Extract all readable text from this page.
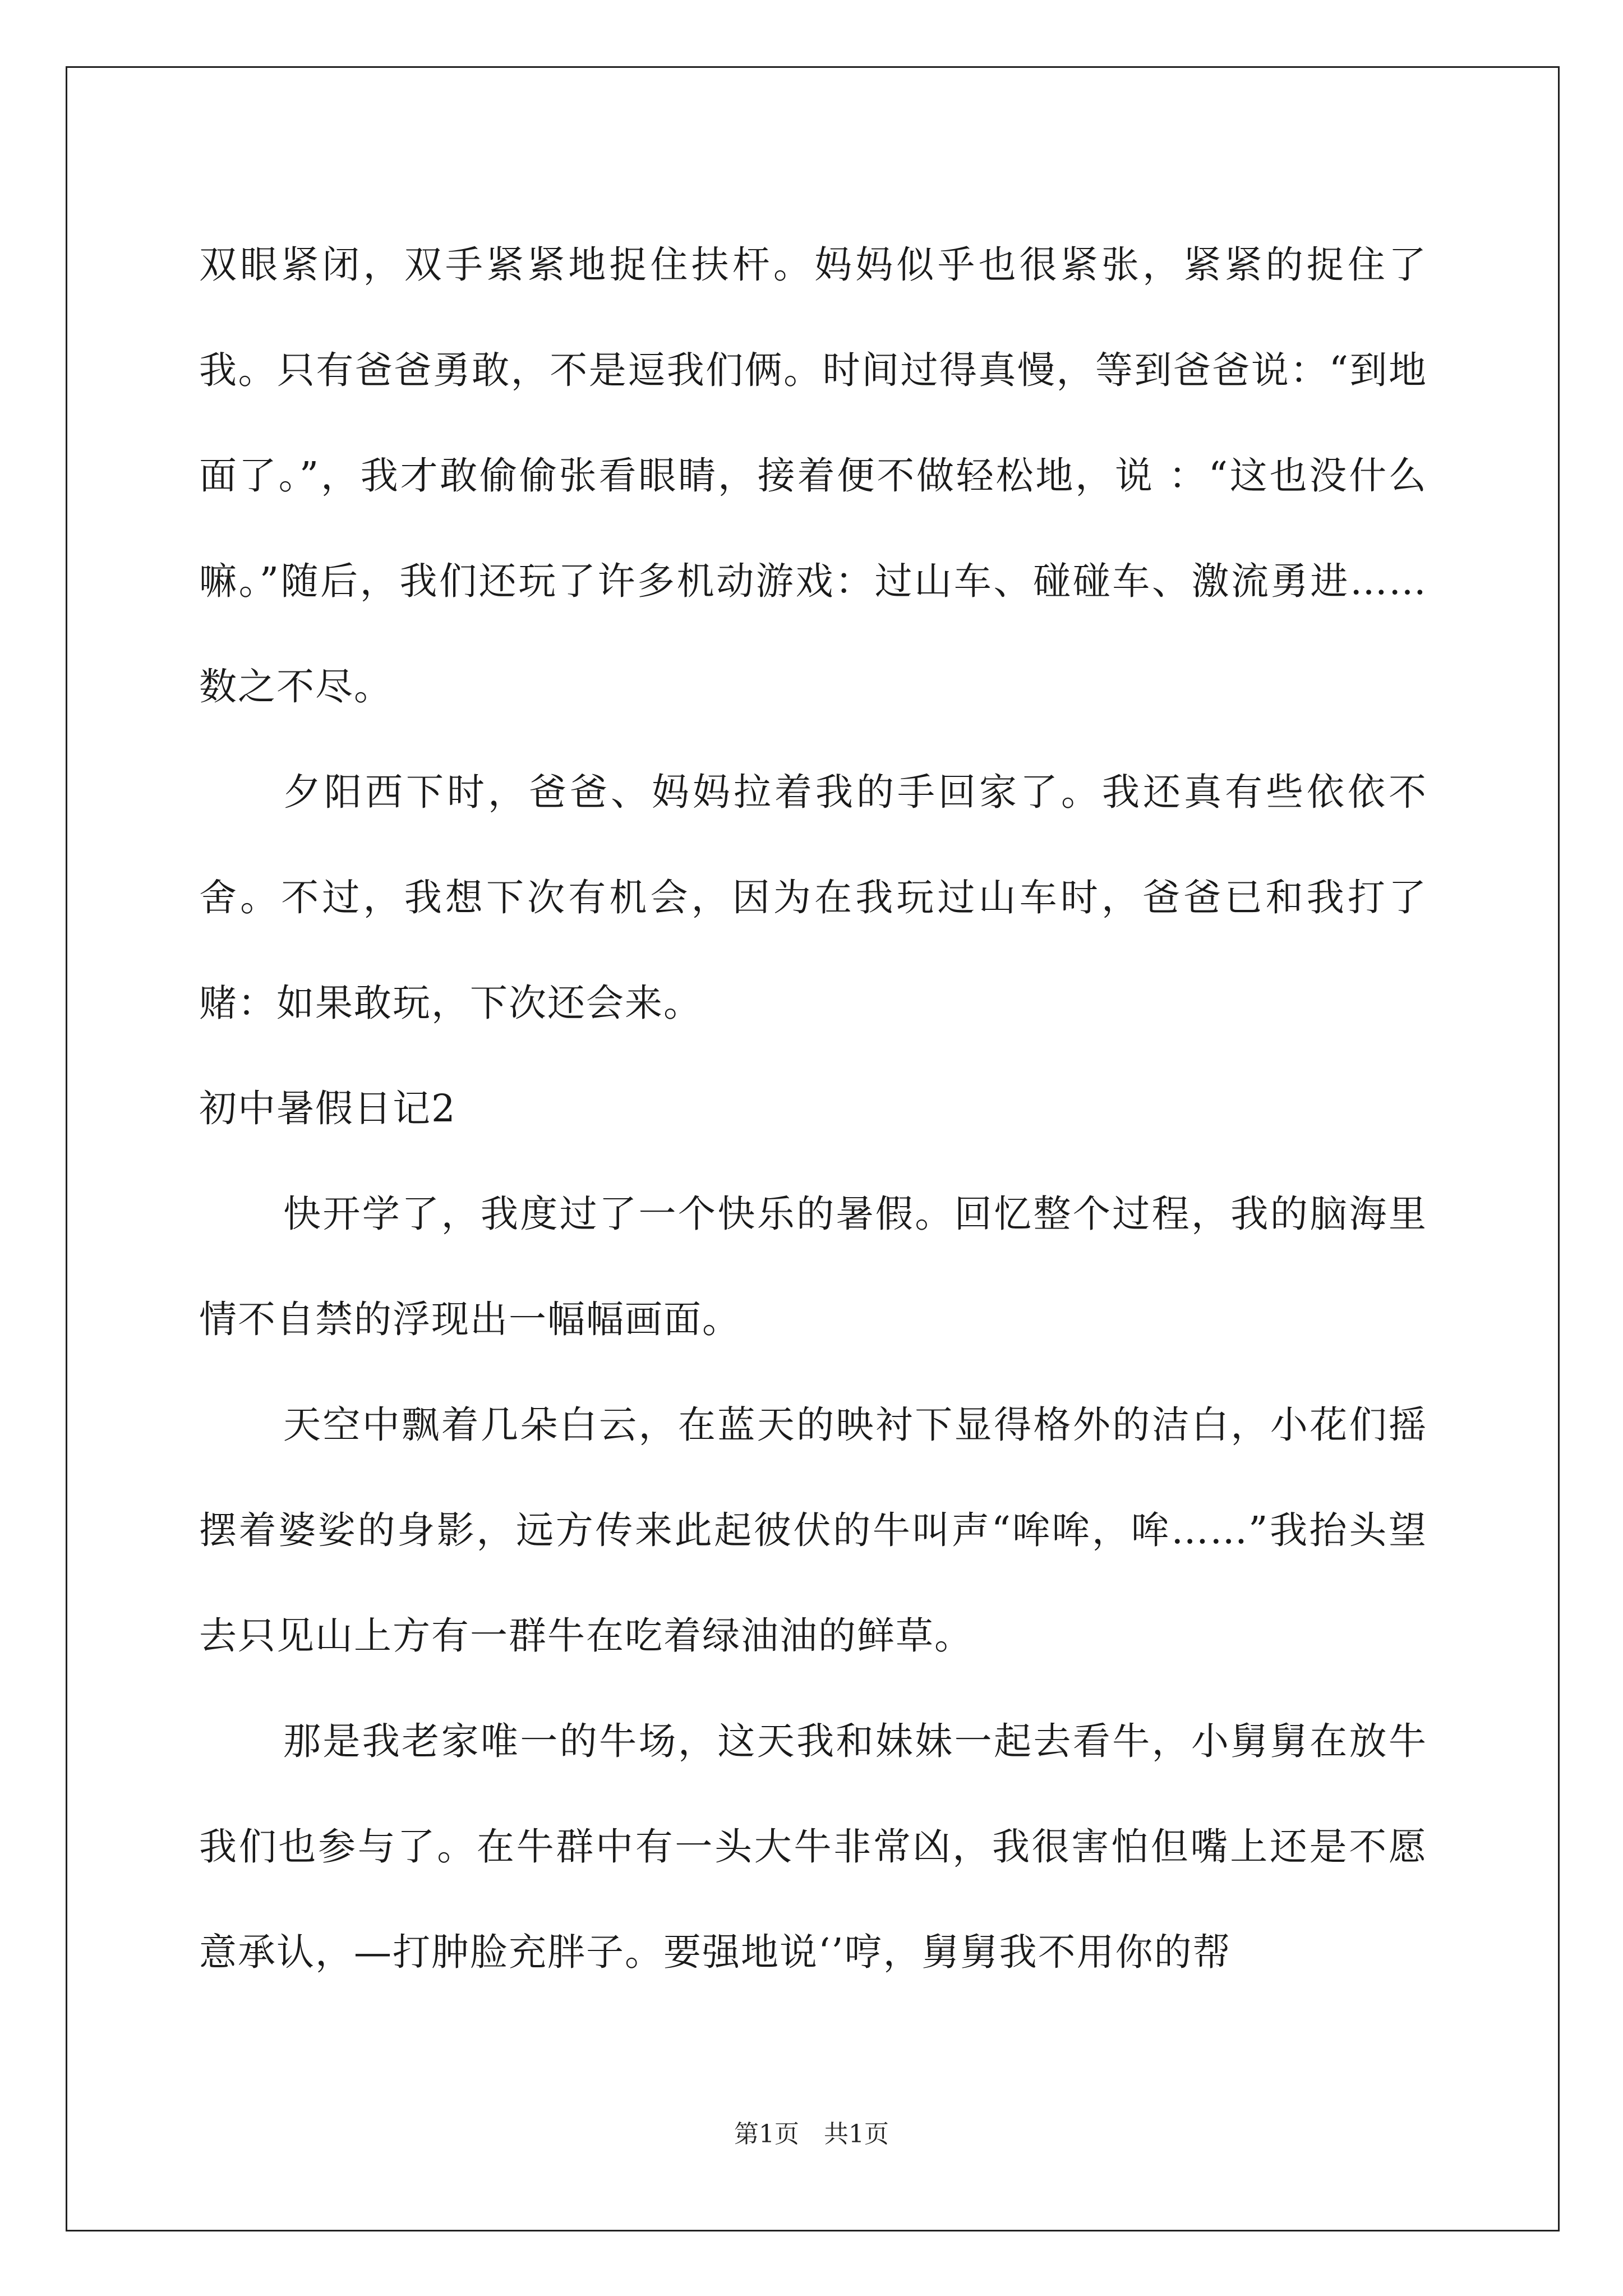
双眼紧闭，双手紧紧地捉住扶杆。妈妈似乎也很紧张，紧紧的捉住了我。只有爸爸勇敢，不是逗我们俩。时间过得真慢，等到爸爸说：“到地面了。”，我才敢偷偷张看眼睛，接着便不做轻松地，说 ：“这也没什么嘛。”随后，我们还玩了许多机动游戏：过山车、碰碰车、激流勇进……数之不尽。

夕阳西下时，爸爸、妈妈拉着我的手回家了。我还真有些依依不舍。不过，我想下次有机会，因为在我玩过山车时，爸爸已和我打了赌：如果敢玩，下次还会来。

初中暑假日记2

快开学了，我度过了一个快乐的暑假。回忆整个过程，我的脑海里情不自禁的浮现出一幅幅画面。

天空中飘着几朵白云，在蓝天的映衬下显得格外的洁白，小花们摇摆着婆娑的身影，远方传来此起彼伏的牛叫声“哞哞，哞……”我抬头望去只见山上方有一群牛在吃着绿油油的鲜草。

那是我老家唯一的牛场，这天我和妹妹一起去看牛，小舅舅在放牛我们也参与了。在牛群中有一头大牛非常凶，我很害怕但嘴上还是不愿意承认，—打肿脸充胖子。要强地说‘’哼，舅舅我不用你的帮

第1页　共1页
